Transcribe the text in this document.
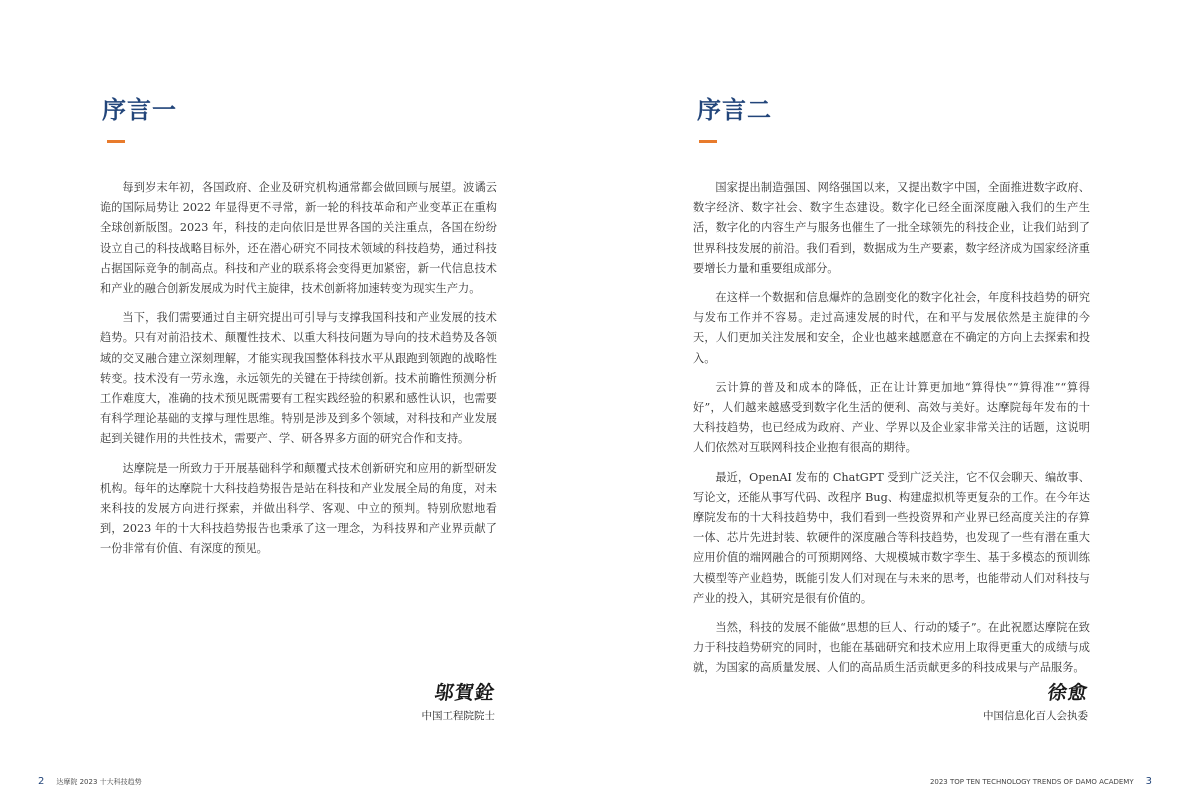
序言一

每到岁末年初，各国政府、企业及研究机构通常都会做回顾与展望。波谲云诡的国际局势让 2022 年显得更不寻常，新一轮的科技革命和产业变革正在重构全球创新版图。2023 年，科技的走向依旧是世界各国的关注重点，各国在纷纷设立自己的科技战略目标外，还在潜心研究不同技术领域的科技趋势，通过科技占据国际竞争的制高点。科技和产业的联系将会变得更加紧密，新一代信息技术和产业的融合创新发展成为时代主旋律，技术创新将加速转变为现实生产力。

当下，我们需要通过自主研究提出可引导与支撑我国科技和产业发展的技术趋势。只有对前沿技术、颠覆性技术、以重大科技问题为导向的技术趋势及各领域的交叉融合建立深刻理解，才能实现我国整体科技水平从跟跑到领跑的战略性转变。技术没有一劳永逸，永远领先的关键在于持续创新。技术前瞻性预测分析工作难度大，准确的技术预见既需要有工程实践经验的积累和感性认识，也需要有科学理论基础的支撑与理性思维。特别是涉及到多个领域，对科技和产业发展起到关键作用的共性技术，需要产、学、研各界多方面的研究合作和支持。

达摩院是一所致力于开展基础科学和颠覆式技术创新研究和应用的新型研发机构。每年的达摩院十大科技趋势报告是站在科技和产业发展全局的角度，对未来科技的发展方向进行探索，并做出科学、客观、中立的预判。特别欣慰地看到，2023 年的十大科技趋势报告也秉承了这一理念，为科技界和产业界贡献了一份非常有价值、有深度的预见。

邬賀銓
中国工程院院士
2 达摩院 2023 十大科技趋势
序言二

国家提出制造强国、网络强国以来，又提出数字中国，全面推进数字政府、数字经济、数字社会、数字生态建设。数字化已经全面深度融入我们的生产生活，数字化的内容生产与服务也催生了一批全球领先的科技企业，让我们站到了世界科技发展的前沿。我们看到，数据成为生产要素，数字经济成为国家经济重要增长力量和重要组成部分。

在这样一个数据和信息爆炸的急剧变化的数字化社会，年度科技趋势的研究与发布工作并不容易。走过高速发展的时代，在和平与发展依然是主旋律的今天，人们更加关注发展和安全，企业也越来越愿意在不确定的方向上去探索和投入。

云计算的普及和成本的降低，正在让计算更加地“算得快”“算得准”“算得好”，人们越来越感受到数字化生活的便利、高效与美好。达摩院每年发布的十大科技趋势，也已经成为政府、产业、学界以及企业家非常关注的话题，这说明人们依然对互联网科技企业抱有很高的期待。

最近，OpenAI 发布的 ChatGPT 受到广泛关注，它不仅会聊天、编故事、写论文，还能从事写代码、改程序 Bug、构建虚拟机等更复杂的工作。在今年达摩院发布的十大科技趋势中，我们看到一些投资界和产业界已经高度关注的存算一体、芯片先进封装、软硬件的深度融合等科技趋势，也发现了一些有潜在重大应用价值的端网融合的可预期网络、大规模城市数字孪生、基于多模态的预训练大模型等产业趋势，既能引发人们对现在与未来的思考，也能带动人们对科技与产业的投入，其研究是很有价值的。

当然，科技的发展不能做“思想的巨人、行动的矮子”。在此祝愿达摩院在致力于科技趋势研究的同时，也能在基础研究和技术应用上取得更重大的成绩与成就，为国家的高质量发展、人们的高品质生活贡献更多的科技成果与产品服务。

徐愈
中国信息化百人会执委
2023 TOP TEN TECHNOLOGY TRENDS OF DAMO ACADEMY 3
